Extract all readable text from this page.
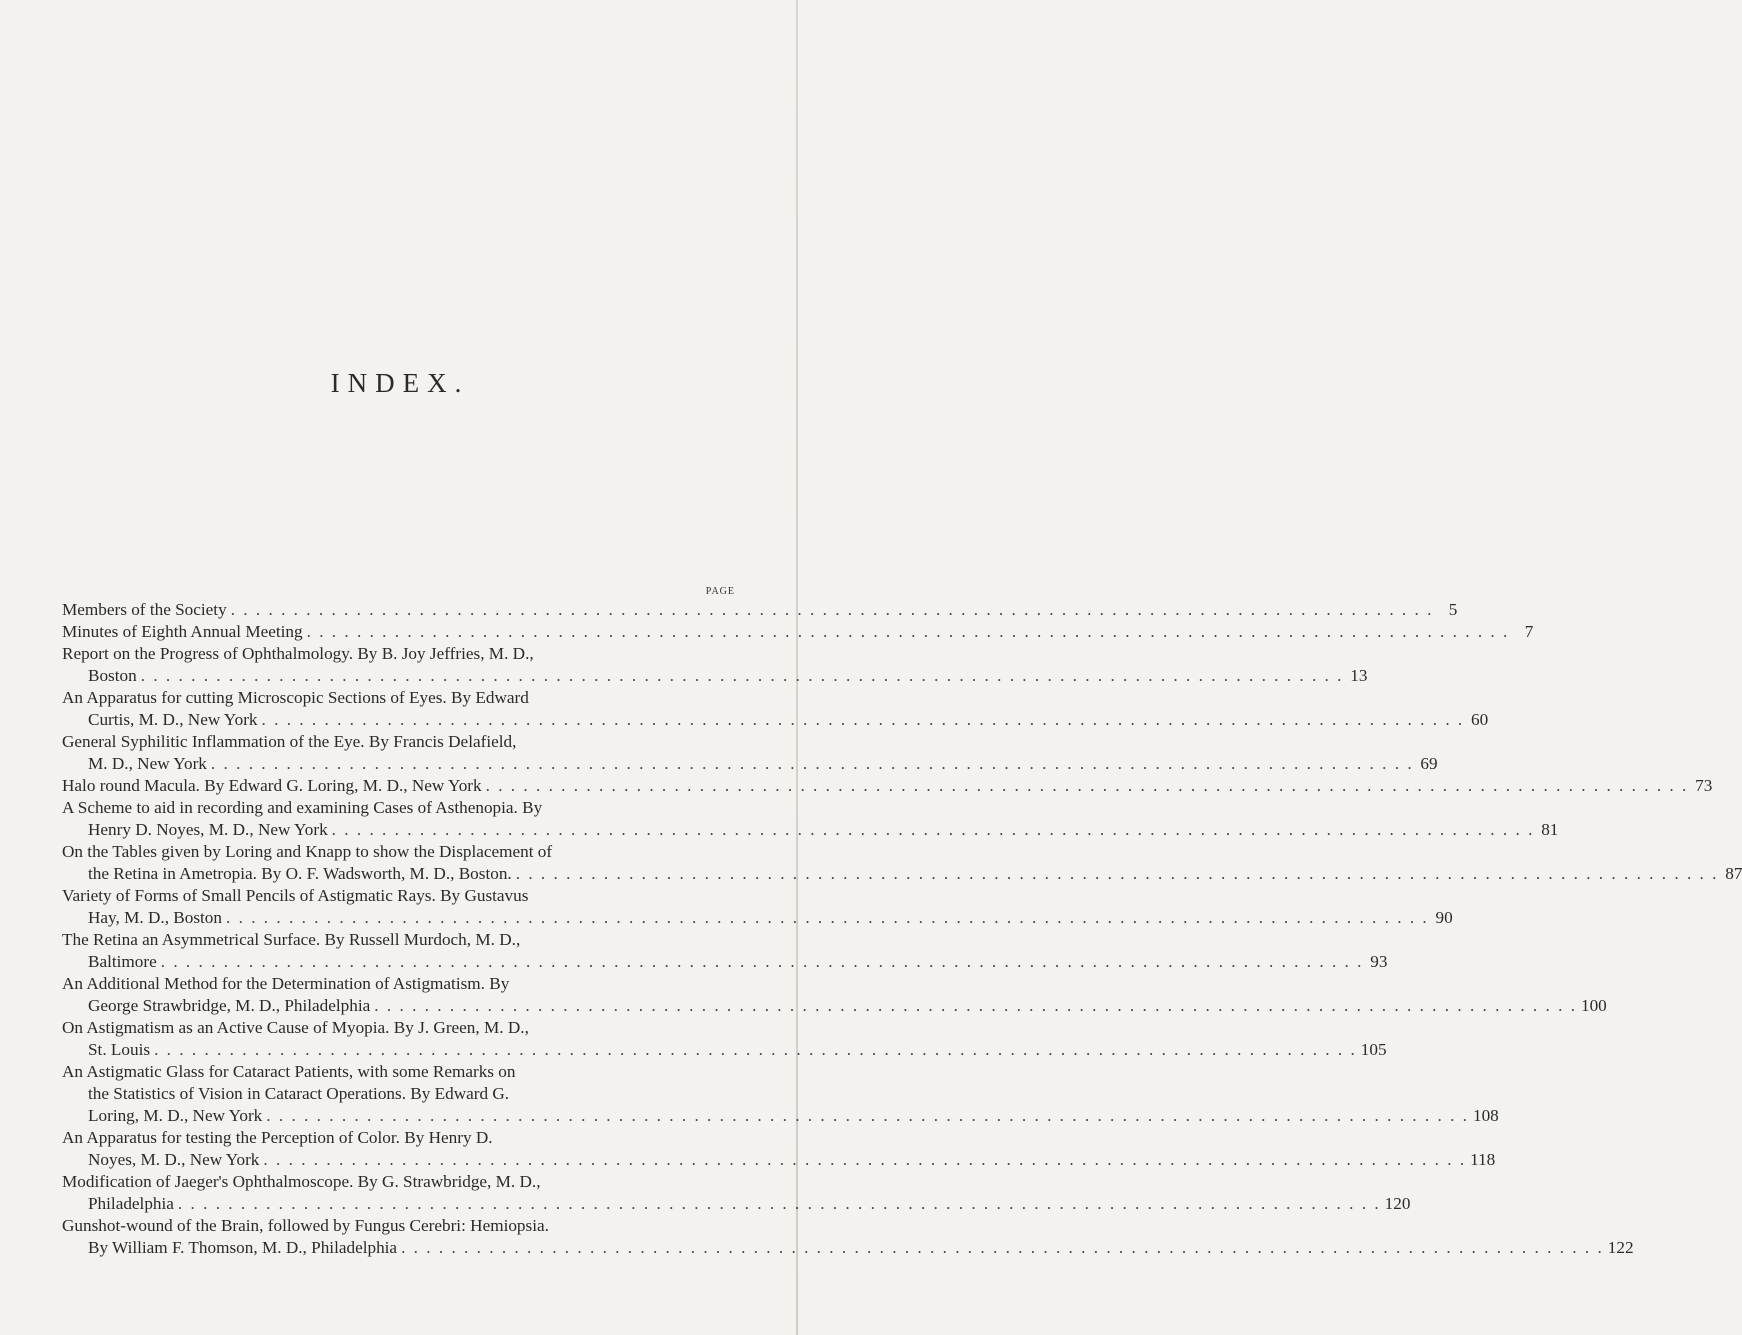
INDEX.
PAGE
Members of the Society . . .	5
Minutes of Eighth Annual Meeting . . .	7
Report on the Progress of Ophthalmology. By B. Joy Jeffries, M. D.,
Boston . . .	13
An Apparatus for cutting Microscopic Sections of Eyes. By Edward
Curtis, M. D., New York . . .	60
General Syphilitic Inflammation of the Eye. By Francis Delafield,
M. D., New York . . .	69
Halo round Macula. By Edward G. Loring, M. D., New York . . .	73
A Scheme to aid in recording and examining Cases of Asthenopia. By
Henry D. Noyes, M. D., New York . . .	81
On the Tables given by Loring and Knapp to show the Displacement of
the Retina in Ametropia. By O. F. Wadsworth, M. D., Boston. . . .	87
Variety of Forms of Small Pencils of Astigmatic Rays. By Gustavus
Hay, M. D., Boston . . .	90
The Retina an Asymmetrical Surface. By Russell Murdoch, M. D.,
Baltimore . . .	93
An Additional Method for the Determination of Astigmatism. By
George Strawbridge, M. D., Philadelphia . . .	100
On Astigmatism as an Active Cause of Myopia. By J. Green, M. D.,
St. Louis . . .	105
An Astigmatic Glass for Cataract Patients, with some Remarks on
the Statistics of Vision in Cataract Operations. By Edward G.
Loring, M. D., New York . . .	108
An Apparatus for testing the Perception of Color. By Henry D.
Noyes, M. D., New York . . .	118
Modification of Jaeger's Ophthalmoscope. By G. Strawbridge, M. D.,
Philadelphia . . .	120
Gunshot-wound of the Brain, followed by Fungus Cerebri: Hemiopsia.
By William F. Thomson, M. D., Philadelphia . . .	122
